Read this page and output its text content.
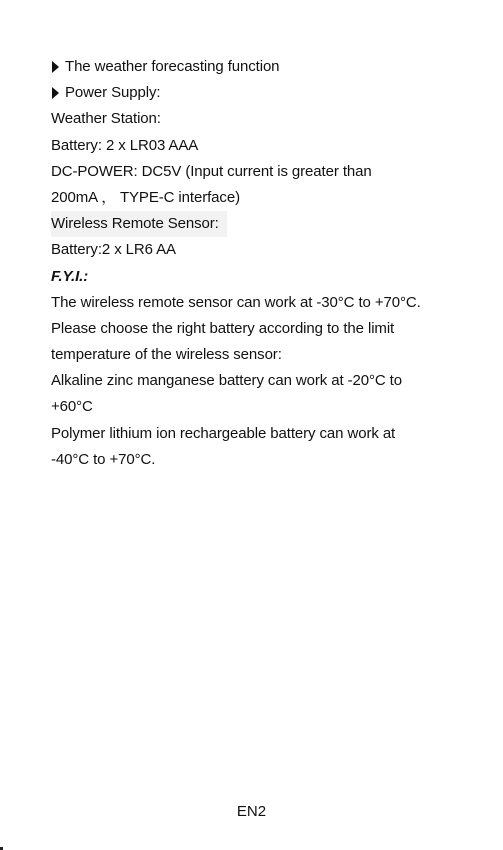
The weather forecasting function
Power Supply:
Weather Station:
Battery: 2 x LR03 AAA
DC-POWER: DC5V (Input current is greater than
200mA ， TYPE-C interface)
Wireless Remote Sensor:
Battery:2 x LR6 AA
F.Y.I.:
The wireless remote sensor can work at -30°C to +70°C.
Please choose the right battery according to the limit
temperature of the wireless sensor:
Alkaline zinc manganese battery can work at -20°C to
+60°C
Polymer lithium ion rechargeable battery can work at
-40°C to +70°C.
EN2
